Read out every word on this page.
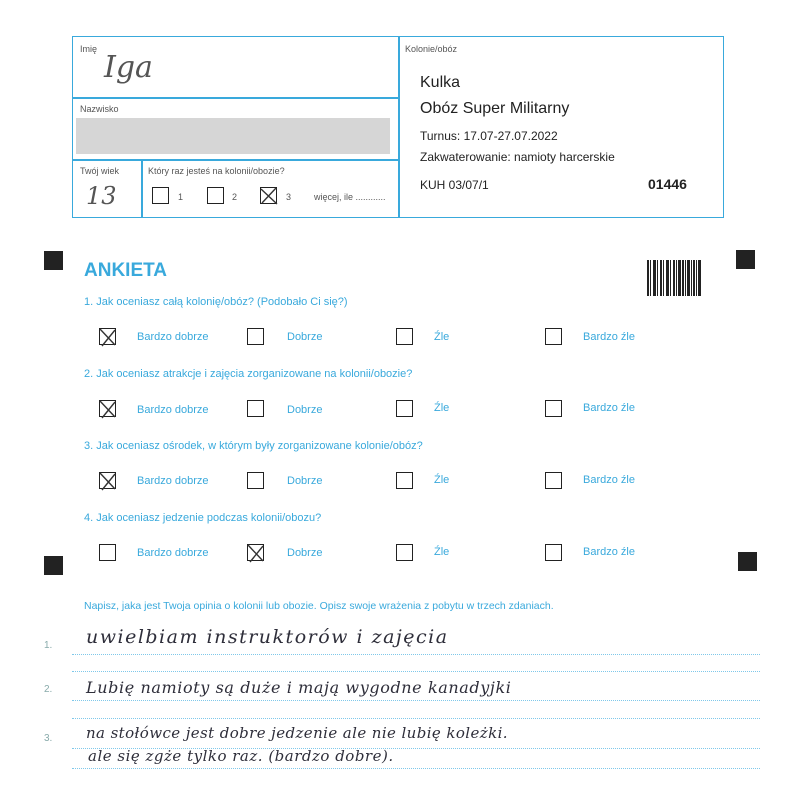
Imię
Iga
Nazwisko
Twój wiek
13
Który raz jesteś na kolonii/obozie?
1	2	3	więcej, ile ............
Kolonie/obóz
Kulka
Obóz Super Militarny
Turnus: 17.07-27.07.2022
Zakwaterowanie: namioty harcerskie
KUH 03/07/1	01446
ANKIETA
1. Jak oceniasz całą kolonię/obóz? (Podobało Ci się?)
Bardzo dobrze	Dobrze	Źle	Bardzo źle
2. Jak oceniasz atrakcje i zajęcia zorganizowane na kolonii/obozie?
Bardzo dobrze	Dobrze	Źle	Bardzo źle
3. Jak oceniasz ośrodek, w którym były zorganizowane kolonie/obóz?
Bardzo dobrze	Dobrze	Źle	Bardzo źle
4. Jak oceniasz jedzenie podczas kolonii/obozu?
Bardzo dobrze	Dobrze	Źle	Bardzo źle
Napisz, jaka jest Twoja opinia o kolonii lub obozie. Opisz swoje wrażenia z pobytu w trzech zdaniach.
1.
2.
3.
uwielbiam instruktorów i zajęcia
Lubię namioty są duże i mają wygodne kanadyjki
na stołówce jest dobre jedzenie ale nie lubię koleżki.
ale się zgże tylko raz. (bardzo dobre).
